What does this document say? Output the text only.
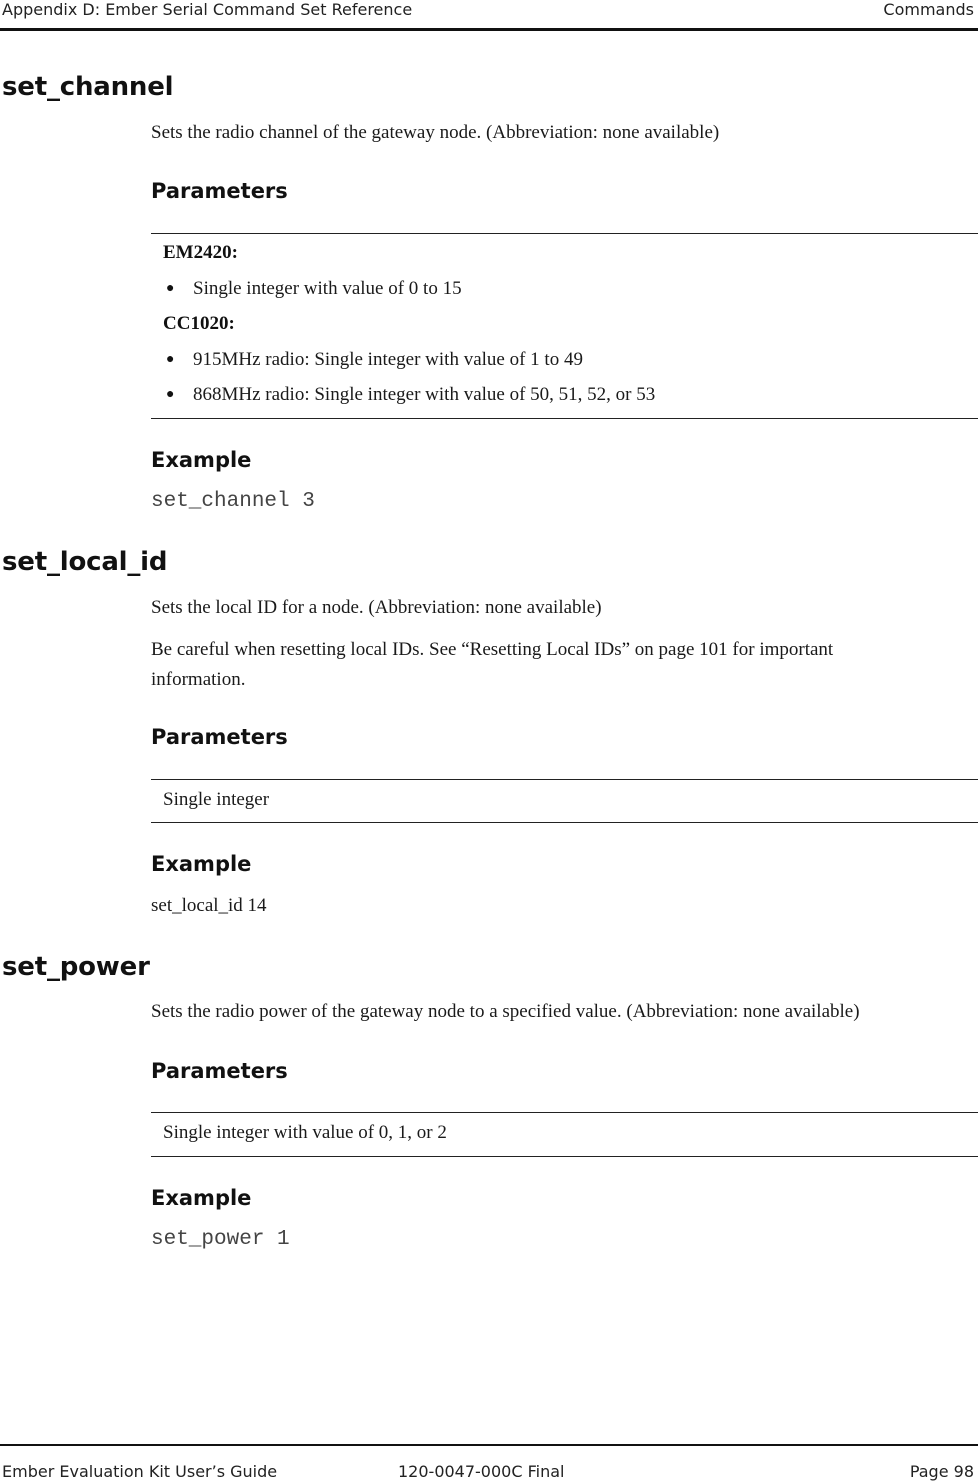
Appendix D: Ember Serial Command Set Reference	Commands
set_channel
Sets the radio channel of the gateway node. (Abbreviation: none available)
Parameters
EM2420:
● Single integer with value of 0 to 15
CC1020:
● 915MHz radio: Single integer with value of 1 to 49
● 868MHz radio: Single integer with value of 50, 51, 52, or 53
Example
set_channel 3
set_local_id
Sets the local ID for a node. (Abbreviation: none available)
Be careful when resetting local IDs. See “Resetting Local IDs” on page 101 for important
information.
Parameters
Single integer
Example
set_local_id 14
set_power
Sets the radio power of the gateway node to a specified value. (Abbreviation: none available)
Parameters
Single integer with value of 0, 1, or 2
Example
set_power 1
Ember Evaluation Kit User’s Guide	120-0047-000C Final	Page 98
